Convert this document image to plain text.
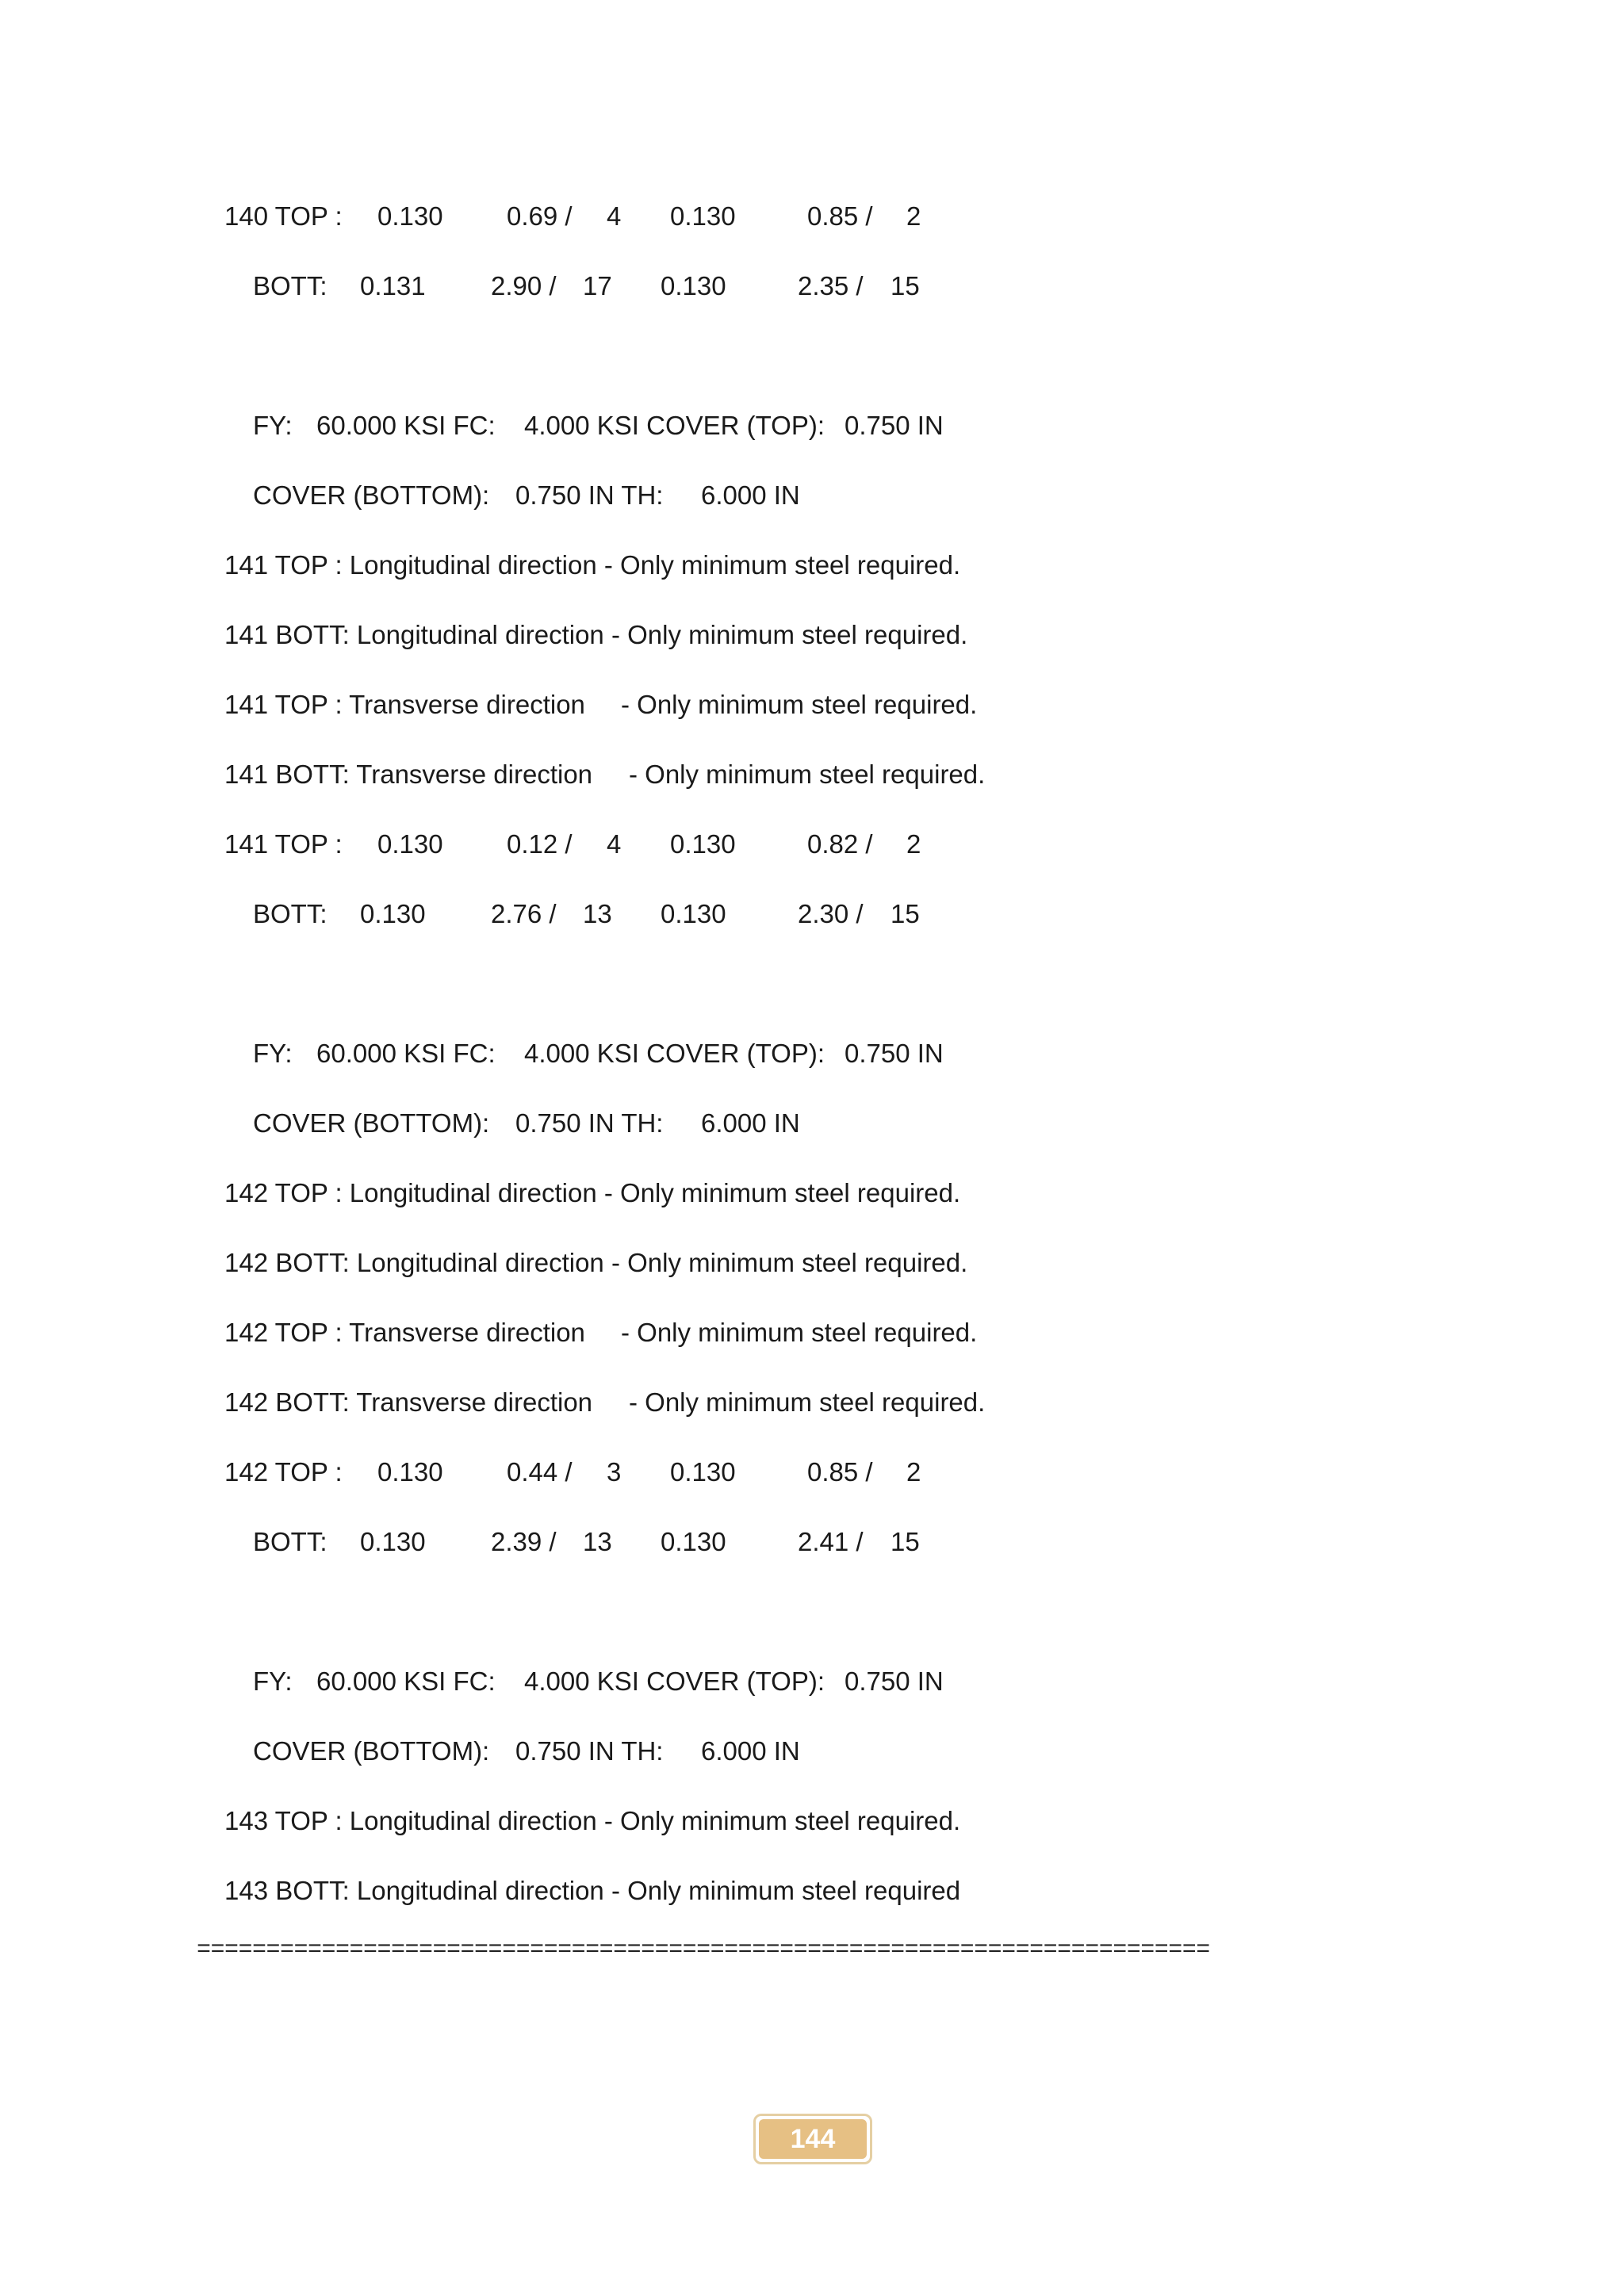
140 TOP : 0.130 0.69 / 4 0.130	0.85 / 2
BOTT: 0.131 2.90 / 17 0.130	2.35 / 15
FY: 60.000 KSI FC: 4.000 KSI COVER (TOP): 0.750 IN
COVER (BOTTOM): 0.750 IN TH: 6.000 IN
141 TOP : Longitudinal direction - Only minimum steel required.
141 BOTT: Longitudinal direction - Only minimum steel required.
141 TOP : Transverse direction - Only minimum steel required.
141 BOTT: Transverse direction - Only minimum steel required.
141 TOP : 0.130 0.12 / 4 0.130	0.82 / 2
BOTT: 0.130 2.76 / 13 0.130	2.30 / 15
FY: 60.000 KSI FC: 4.000 KSI COVER (TOP): 0.750 IN
COVER (BOTTOM): 0.750 IN TH: 6.000 IN
142 TOP : Longitudinal direction - Only minimum steel required.
142 BOTT: Longitudinal direction - Only minimum steel required.
142 TOP : Transverse direction - Only minimum steel required.
142 BOTT: Transverse direction - Only minimum steel required.
142 TOP : 0.130 0.44 / 3 0.130	0.85 / 2
BOTT: 0.130 2.39 / 13 0.130	2.41 / 15
FY: 60.000 KSI FC: 4.000 KSI COVER (TOP): 0.750 IN
COVER (BOTTOM): 0.750 IN TH: 6.000 IN
143 TOP : Longitudinal direction - Only minimum steel required.
143 BOTT: Longitudinal direction - Only minimum steel required
=========================================================================
144
